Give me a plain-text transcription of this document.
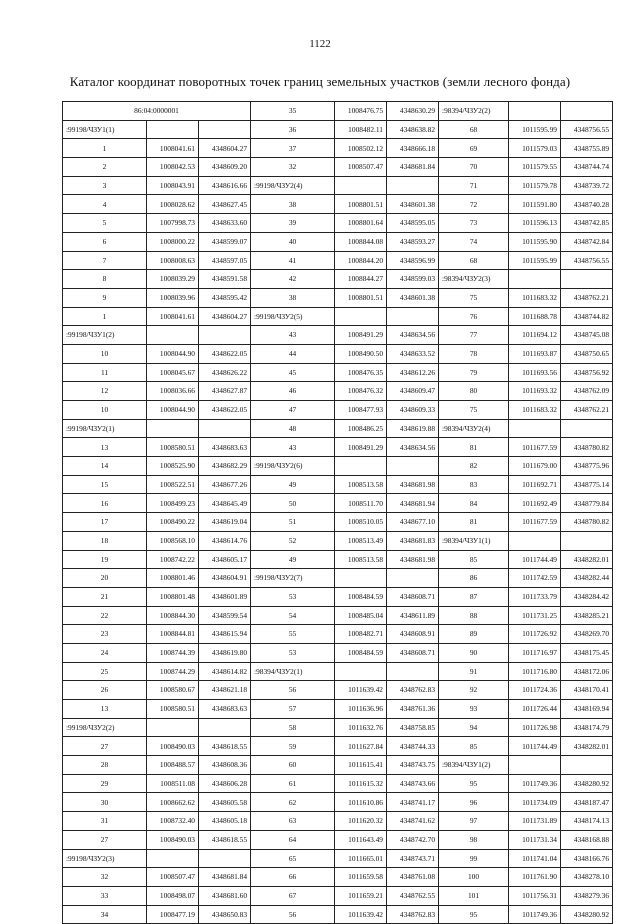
1122
Каталог координат поворотных точек границ земельных участков (земли лесного фонда)
86:04:0000001			35	1008476.75	4348630.29	:98394/ЧЗУ2(2)		
:99198/ЧЗУ1(1)			36	1008482.11	4348638.82	68	1011595.99	4348756.55
1	1008041.61	4348604.27	37	1008502.12	4348666.18	69	1011579.03	4348755.89
2	1008042.53	4348609.20	32	1008507.47	4348681.84	70	1011579.55	4348744.74
3	1008043.91	4348616.66	:99198/ЧЗУ2(4)			71	1011579.78	4348739.72
4	1008028.62	4348627.45	38	1008801.51	4348601.38	72	1011591.80	4348740.28
5	1007998.73	4348633.60	39	1008801.64	4348595.05	73	1011596.13	4348742.85
6	1008000.22	4348599.07	40	1008844.08	4348593.27	74	1011595.90	4348742.84
7	1008008.63	4348597.05	41	1008844.20	4348596.99	68	1011595.99	4348756.55
8	1008039.29	4348591.58	42	1008844.27	4348599.03	:98394/ЧЗУ2(3)		
9	1008039.96	4348595.42	38	1008801.51	4348601.38	75	1011683.32	4348762.21
1	1008041.61	4348604.27	:99198/ЧЗУ2(5)			76	1011688.78	4348744.82
:99198/ЧЗУ1(2)			43	1008491.29	4348634.56	77	1011694.12	4348745.08
10	1008044.90	4348622.05	44	1008490.50	4348633.52	78	1011693.87	4348750.65
11	1008045.67	4348626.22	45	1008476.35	4348612.26	79	1011693.56	4348756.92
12	1008036.66	4348627.87	46	1008476.32	4348609.47	80	1011693.32	4348762.09
10	1008044.90	4348622.05	47	1008477.93	4348609.33	75	1011683.32	4348762.21
:99198/ЧЗУ2(1)			48	1008486.25	4348619.88	:98394/ЧЗУ2(4)		
13	1008580.51	4348683.63	43	1008491.29	4348634.56	81	1011677.59	4348780.82
14	1008525.90	4348682.29	:99198/ЧЗУ2(6)			82	1011679.00	4348775.96
15	1008522.51	4348677.26	49	1008513.58	4348681.98	83	1011692.71	4348775.14
16	1008499.23	4348645.49	50	1008511.70	4348681.94	84	1011692.49	4348779.84
17	1008490.22	4348619.04	51	1008510.05	4348677.10	81	1011677.59	4348780.82
18	1008568.10	4348614.76	52	1008513.49	4348681.83	:98394/ЧЗУ1(1)		
19	1008742.22	4348605.17	49	1008513.58	4348681.98	85	1011744.49	4348282.01
20	1008801.46	4348604.91	:99198/ЧЗУ2(7)			86	1011742.59	4348282.44
21	1008801.48	4348601.89	53	1008484.59	4348608.71	87	1011733.79	4348284.42
22	1008844.30	4348599.54	54	1008485.04	4348611.89	88	1011731.25	4348285.21
23	1008844.81	4348615.94	55	1008482.71	4348608.91	89	1011726.92	4348269.70
24	1008744.39	4348619.80	53	1008484.59	4348608.71	90	1011716.97	4348175.45
25	1008744.29	4348614.82	:98394/ЧЗУ2(1)			91	1011716.80	4348172.06
26	1008580.67	4348621.18	56	1011639.42	4348762.83	92	1011724.36	4348170.41
13	1008580.51	4348683.63	57	1011636.96	4348761.36	93	1011726.44	4348169.94
:99198/ЧЗУ2(2)			58	1011632.76	4348758.85	94	1011726.98	4348174.79
27	1008490.03	4348618.55	59	1011627.84	4348744.33	85	1011744.49	4348282.01
28	1008488.57	4348608.36	60	1011615.41	4348743.75	:98394/ЧЗУ1(2)		
29	1008511.08	4348606.28	61	1011615.32	4348743.66	95	1011749.36	4348280.92
30	1008662.62	4348605.58	62	1011610.86	4348741.17	96	1011734.09	4348187.47
31	1008732.40	4348605.18	63	1011620.32	4348741.62	97	1011731.89	4348174.13
27	1008490.03	4348618.55	64	1011643.49	4348742.70	98	1011731.34	4348168.88
:99198/ЧЗУ2(3)			65	1011665.01	4348743.71	99	1011741.04	4348166.76
32	1008507.47	4348681.84	66	1011659.58	4348761.08	100	1011761.90	4348278.10
33	1008498.07	4348681.60	67	1011659.21	4348762.55	101	1011756.31	4348279.36
34	1008477.19	4348650.83	56	1011639.42	4348762.83	95	1011749.36	4348280.92
